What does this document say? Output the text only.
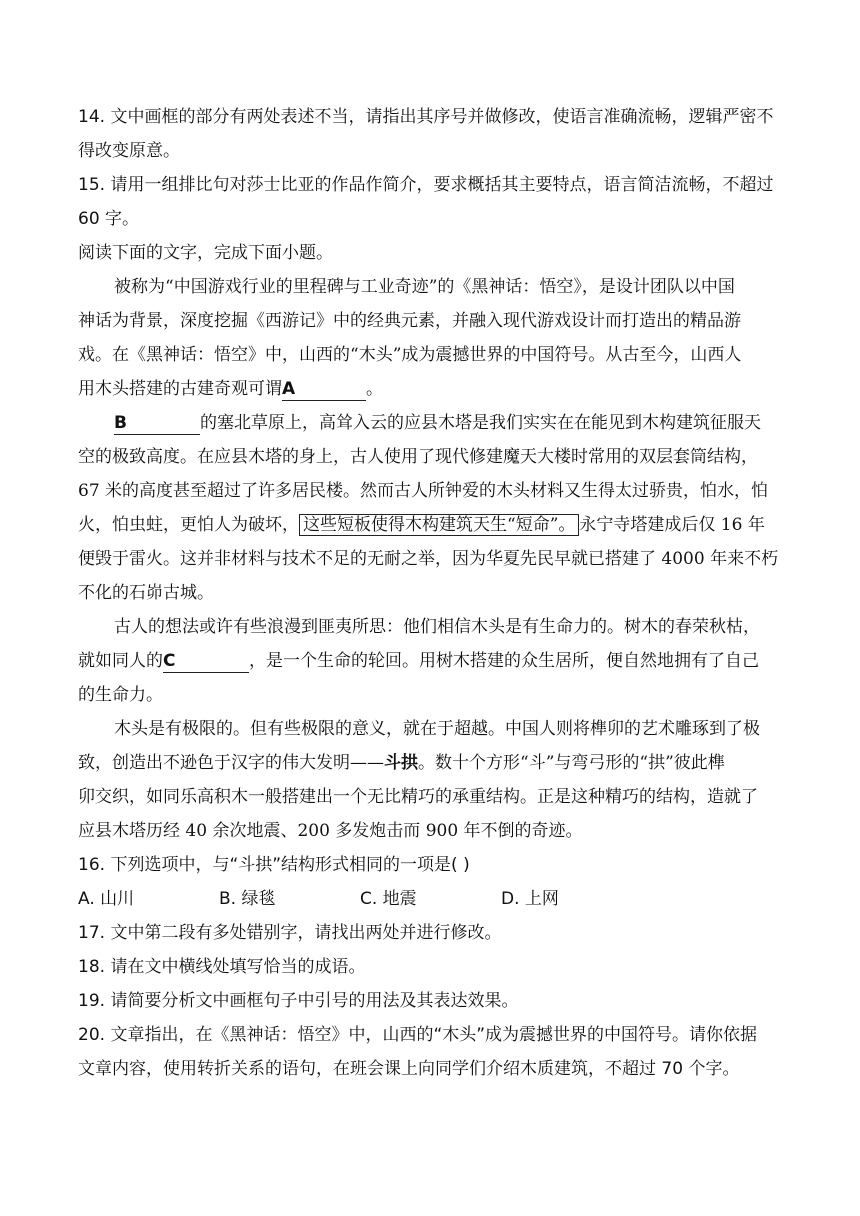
14. 文中画框的部分有两处表述不当，请指出其序号并做修改，使语言准确流畅，逻辑严密不

得改变原意。

15. 请用一组排比句对莎士比亚的作品作简介，要求概括其主要特点，语言简洁流畅，不超过

60 字。

阅读下面的文字，完成下面小题。

被称为“中国游戏行业的里程碑与工业奇迹”的《黑神话：悟空》，是设计团队以中国

神话为背景，深度挖掘《西游记》中的经典元素，并融入现代游戏设计而打造出的精品游

戏。在《黑神话：悟空》中，山西的“木头”成为震撼世界的中国符号。从古至今，山西人

用木头搭建的古建奇观可谓A	。

B	的塞北草原上，高耸入云的应县木塔是我们实实在在能见到木构建筑征服天

空的极致高度。在应县木塔的身上，古人使用了现代修建魔天大楼时常用的双层套筒结构，

67 米的高度甚至超过了许多居民楼。然而古人所钟爱的木头材料又生得太过骄贵，怕水，怕

火，怕虫蛀，更怕人为破坏， 这些短板使得木构建筑天生“短命”。 永宁寺塔建成后仅 16 年

便毁于雷火。这并非材料与技术不足的无耐之举，因为华夏先民早就已搭建了 4000 年来不朽

不化的石峁古城。

古人的想法或许有些浪漫到匪夷所思：他们相信木头是有生命力的。树木的春荣秋枯，

就如同人的C	，是一个生命的轮回。用树木搭建的众生居所，便自然地拥有了自己

的生命力。

木头是有极限的。但有些极限的意义，就在于超越。中国人则将榫卯的艺术雕琢到了极

致，创造出不逊色于汉字的伟大发明——斗拱。数十个方形“斗”与弯弓形的“拱”彼此榫

卯交织，如同乐高积木一般搭建出一个无比精巧的承重结构。正是这种精巧的结构，造就了

应县木塔历经 40 余次地震、200 多发炮击而 900 年不倒的奇迹。

16. 下列选项中，与“斗拱”结构形式相同的一项是( )

A. 山川	B. 绿毯	C. 地震	D. 上网

17. 文中第二段有多处错别字，请找出两处并进行修改。

18. 请在文中横线处填写恰当的成语。

19. 请简要分析文中画框句子中引号的用法及其表达效果。

20. 文章指出，在《黑神话：悟空》中，山西的“木头”成为震撼世界的中国符号。请你依据

文章内容，使用转折关系的语句，在班会课上向同学们介绍木质建筑，不超过 70 个字。
